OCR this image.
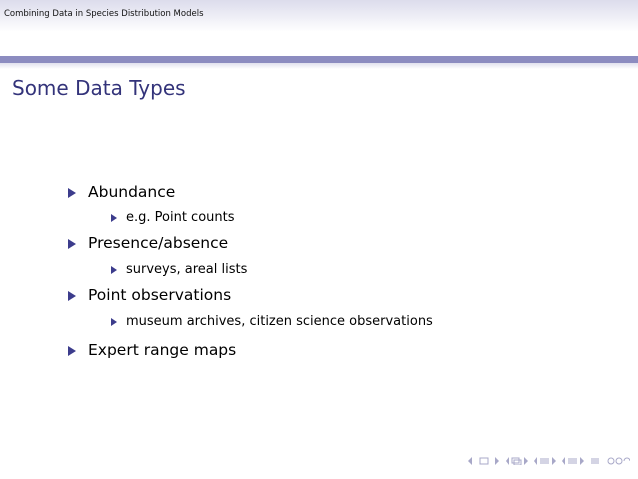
Combining Data in Species Distribution Models
Some Data Types
Abundance
e.g. Point counts
Presence/absence
surveys, areal lists
Point observations
museum archives, citizen science observations
Expert range maps
